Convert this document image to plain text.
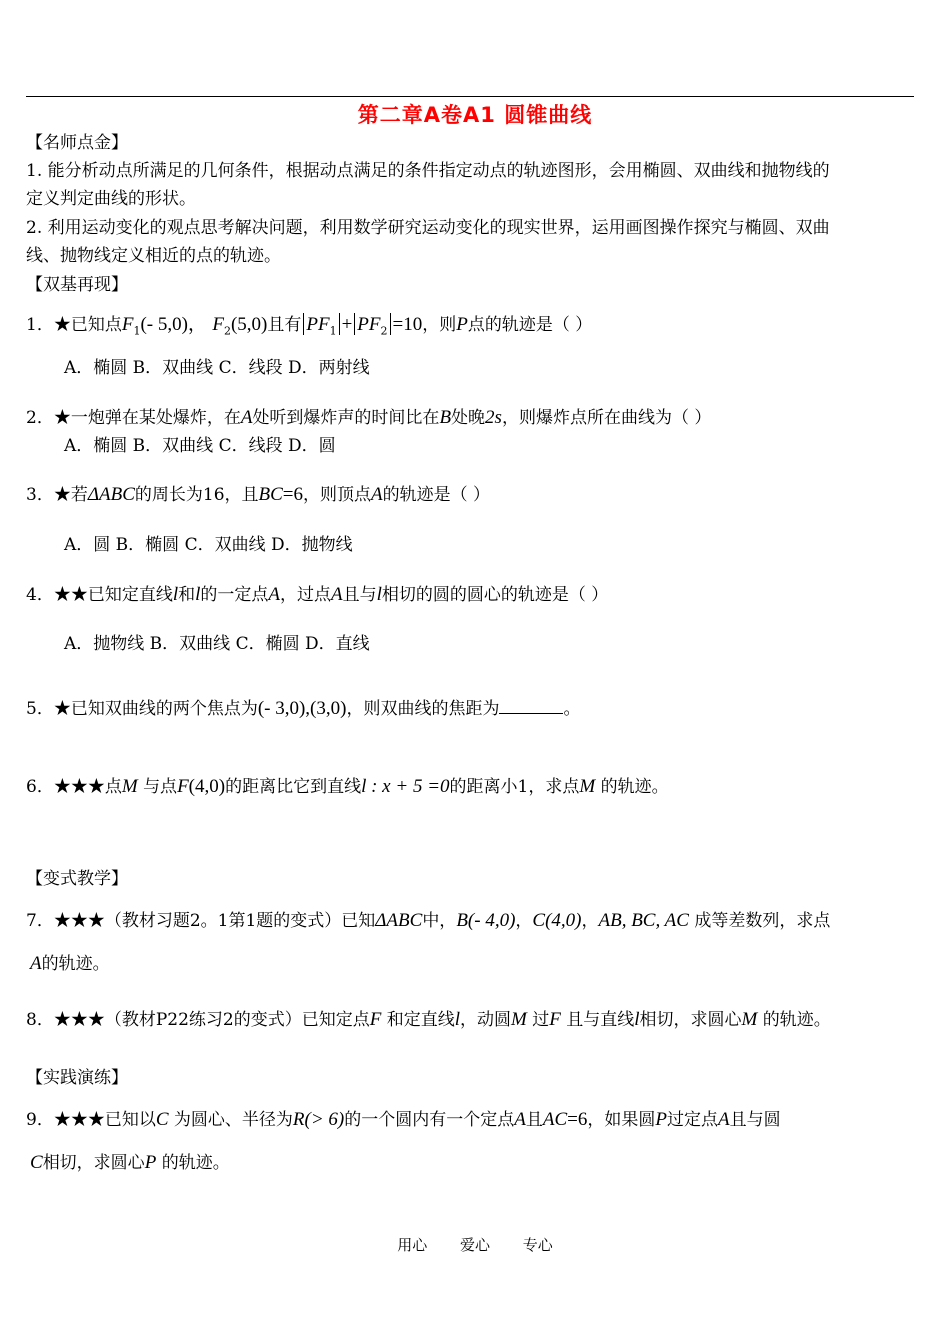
第二章A卷A1 圆锥曲线
【名师点金】
1. 能分析动点所满足的几何条件，根据动点满足的条件指定动点的轨迹图形，会用椭圆、双曲线和抛物线的
定义判定曲线的形状。
2. 利用运动变化的观点思考解决问题，利用数学研究运动变化的现实世界，运用画图操作探究与椭圆、双曲
线、抛物线定义相近的点的轨迹。
【双基再现】
1．★已知点$F_1(-$ 5,0)， $F_2(5,0)$且有 $PF_1 + PF_2 =10$，则P点的轨迹是（ ）
A．椭圆 B．双曲线 C．线段 D．两射线
2．★一炮弹在某处爆炸，在A处听到爆炸声的时间比在B处晚2s，则爆炸点所在曲线为（ ）
A．椭圆 B．双曲线 C．线段 D．圆
3．★若ΔABC的周长为16，且BC=6，则顶点A的轨迹是（ ）
A．圆 B．椭圆 C．双曲线 D．抛物线
4．★★已知定直线l和l的一定点A，过点A且与l相切的圆的圆心的轨迹是（ ）
A．抛物线 B．双曲线 C．椭圆 D．直线
5．★已知双曲线的两个焦点为(- 3,0),(3,0)，则双曲线的焦距为	。
6．★★★点M 与点F(4,0)的距离比它到直线l : x + 5 =0的距离小1，求点M 的轨迹。
【变式教学】
7．★★★（教材习题2。1第1题的变式）已知ΔABC中，B(- 4,0)，C(4,0)，AB, BC, AC 成等差数列，求点
A的轨迹。
8．★★★（教材P22练习2的变式）已知定点F 和定直线l，动圆M 过F 且与直线l相切，求圆心M 的轨迹。
【实践演练】
9．★★★已知以C 为圆心、半径为R(> 6)的一个圆内有一个定点A且AC=6，如果圆P过定点A且与圆
C相切，求圆心P 的轨迹。
用心 爱心 专心
